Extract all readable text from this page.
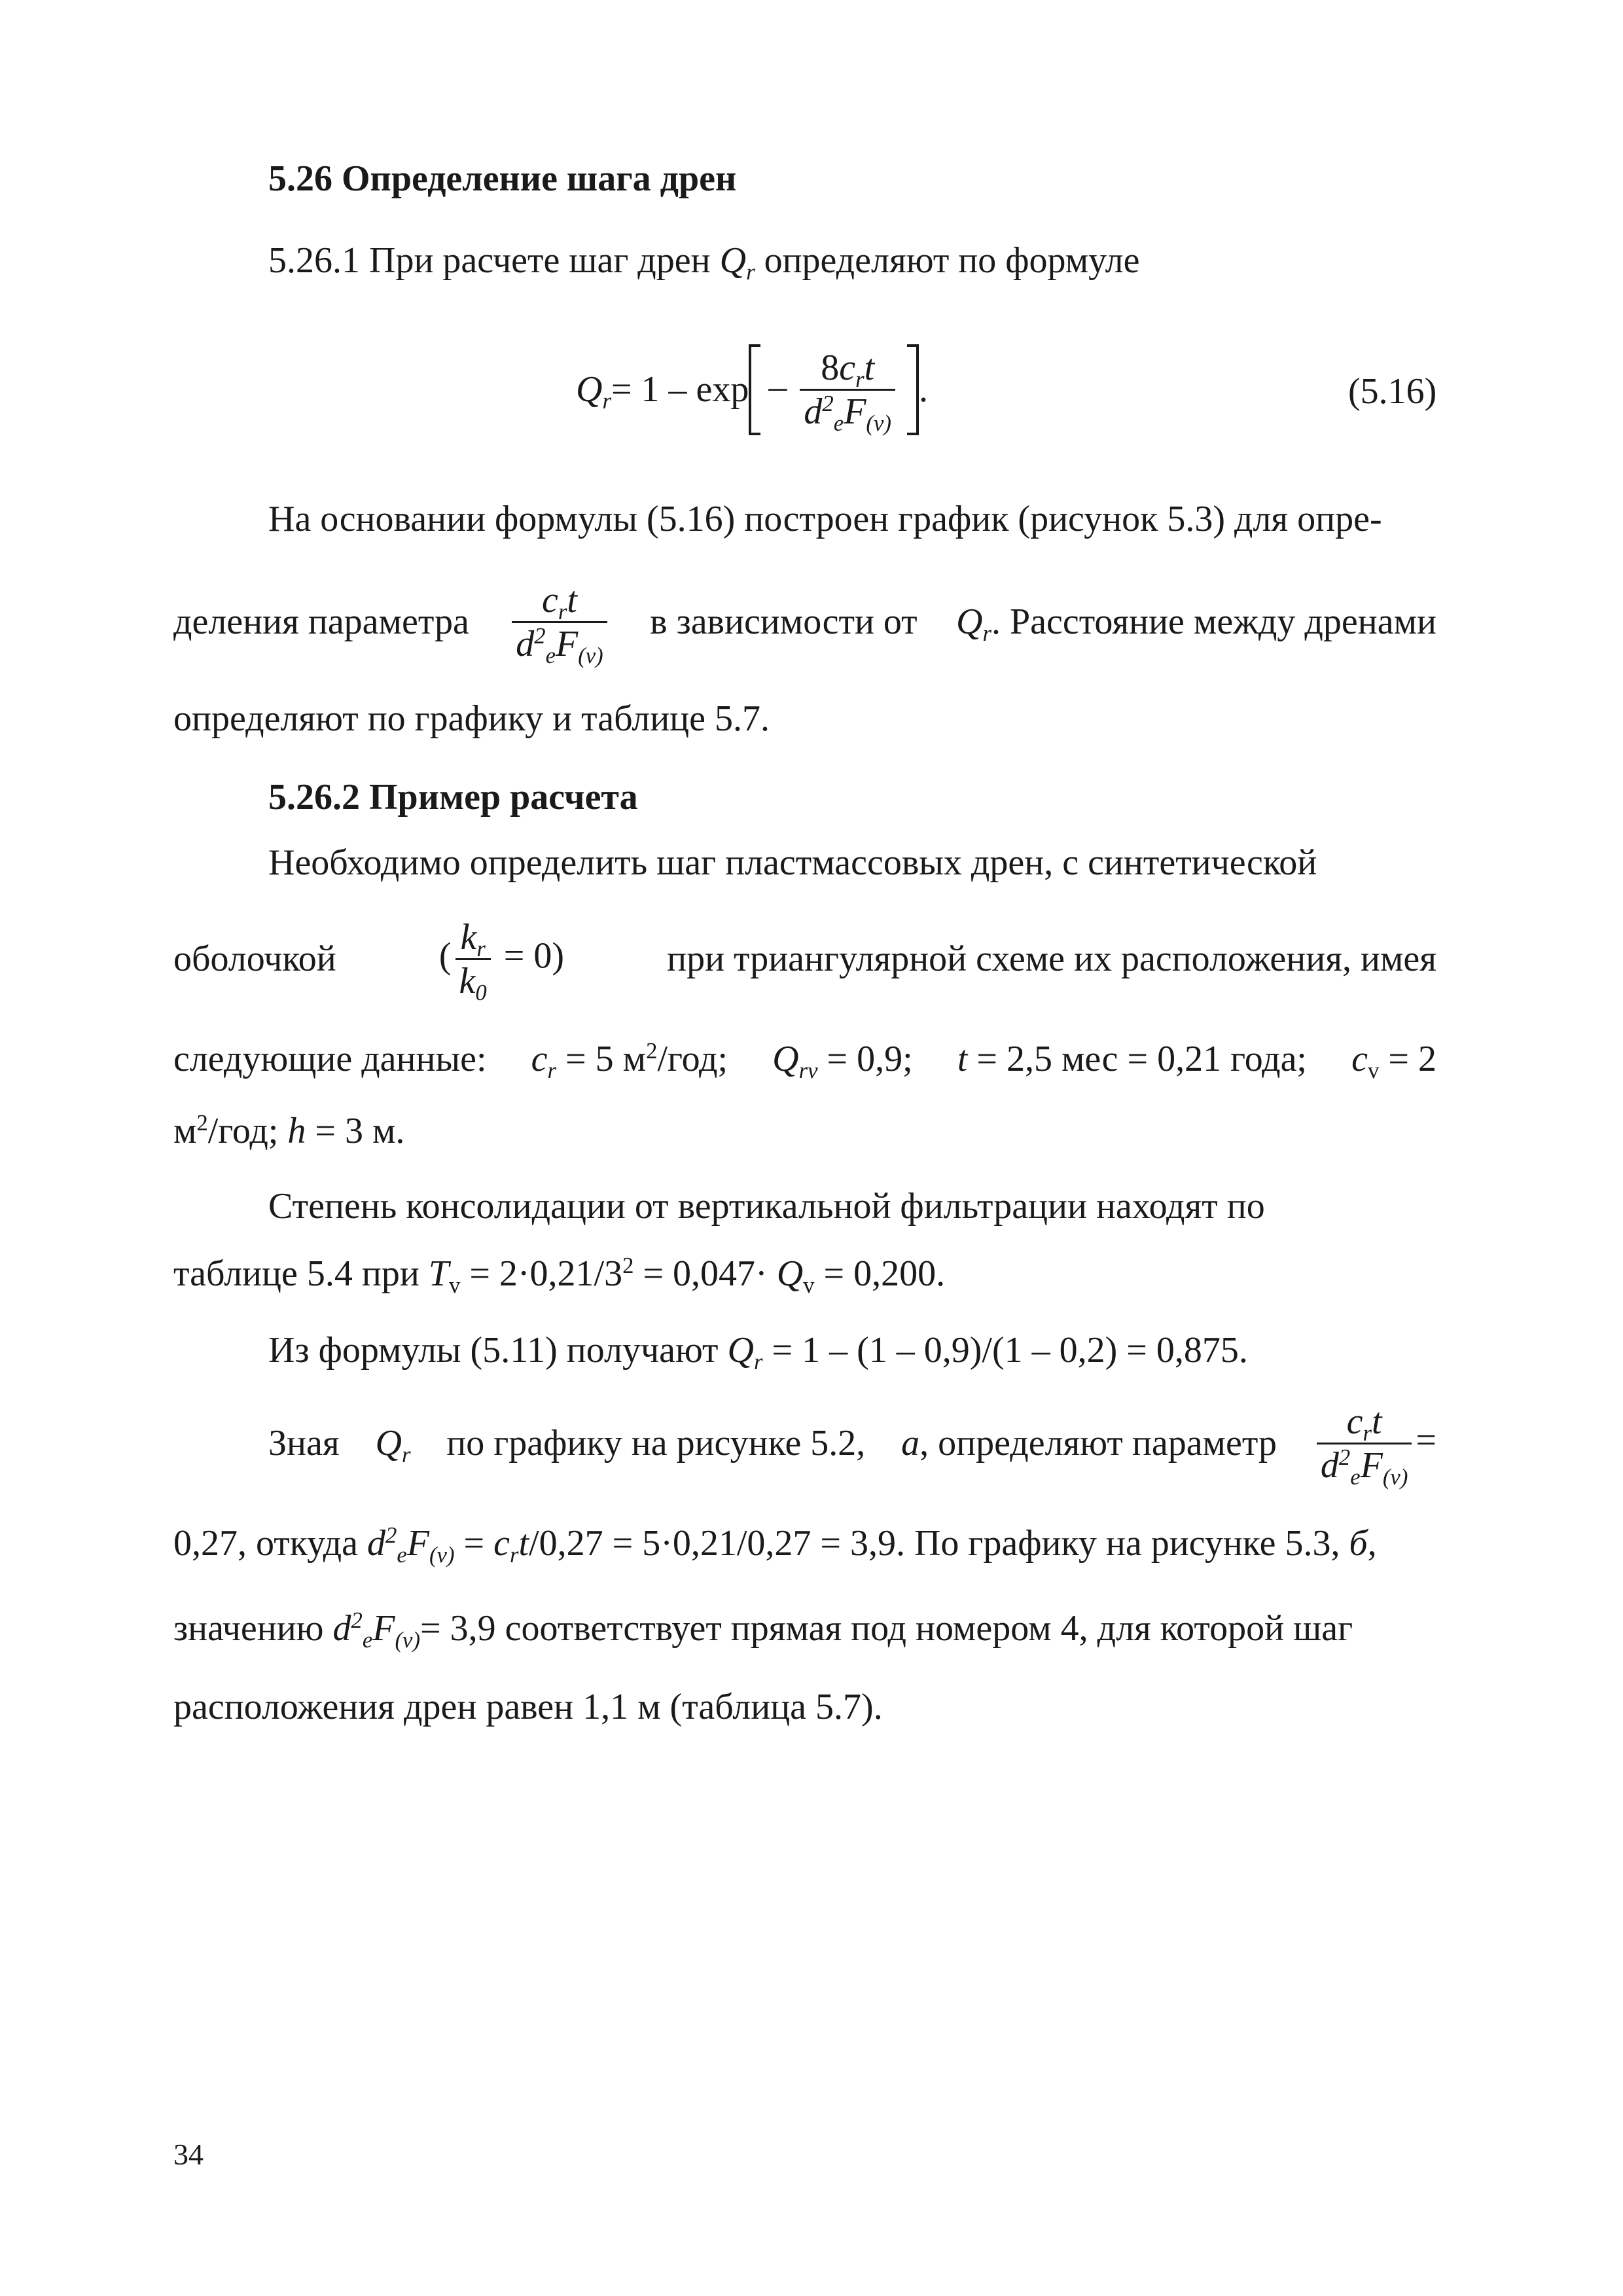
5.26 Определение шага дрен
5.26.1 При расчете шаг дрен $Q_r$ определяют по формуле
$Q_r = 1 - \exp - \frac{8c_rt}{d^2_eF_{(v)}}$ .	(5.16)
На основании формулы (5.16) построен график (рисунок 5.3) для опре-
деления параметра $\frac{c_rt}{d^2_eF_{(v)}}$ в зависимости от $Q_r$. Расстояние между дренами
определяют по графику и таблице 5.7.
5.26.2 Пример расчета
Необходимо определить шаг пластмассовых дрен, с синтетической
оболочкой	( $\frac{k_r}{k_0} = 0$)	при триангулярной схеме их расположения, имея
следующие данные: $c_r = 5$ $м^2$/год; $Q_{rv} = 0,9$; t = 2,5 мес = 0,21 года; $c_v = 2$
$м^2$/год; h = 3 м.
Степень консолидации от вертикальной фильтрации находят по
таблице 5.4 при $T_v = 2\cdot 0,21/3^2 = 0,047\cdot Q_v = 0,200$.
Из формулы (5.11) получают $Q_r = 1 - (1 - 0,9)/(1 - 0,2) = 0,875$.
Зная $Q_r$ по графику на рисунке 5.2, а, определяют параметр $\frac{c_rt}{d^2_eF_{(v)}}$ =
0,27, откуда $d^2_eF_{(v)} = c_rt/0,27 = 5\cdot 0,21/0,27 = 3,9$. По графику на рисунке 5.3, б,
значению $d^2_eF_{(v)}= 3,9$ соответствует прямая под номером 4, для которой шаг
расположения дрен равен 1,1 м (таблица 5.7).
34
